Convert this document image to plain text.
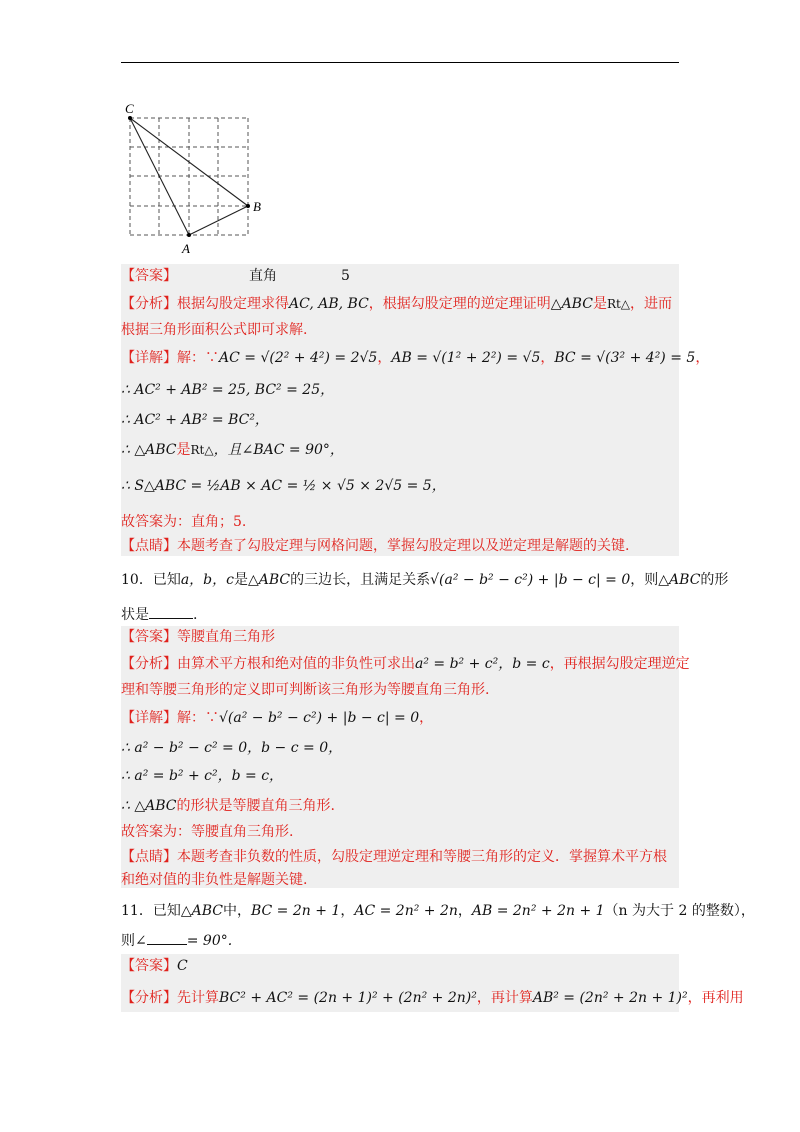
C
B
A
【答案】	直角	5
【分析】根据勾股定理求得AC, AB, BC，根据勾股定理的逆定理证明△ABC是Rt△，进而
根据三角形面积公式即可求解.
【详解】解：∵AC = √(2² + 4²) = 2√5，AB = √(1² + 2²) = √5，BC = √(3² + 4²) = 5，
∴ AC² + AB² = 25, BC² = 25，
∴ AC² + AB² = BC²，
∴ △ABC是Rt△，且∠BAC = 90°，
∴ S△ABC = ½AB × AC = ½ × √5 × 2√5 = 5，
故答案为：直角；5.
【点睛】本题考查了勾股定理与网格问题，掌握勾股定理以及逆定理是解题的关键.
10．已知a，b，c是△ABC的三边长，且满足关系√(a² − b² − c²) + |b − c| = 0，则△ABC的形
状是	.
【答案】等腰直角三角形
【分析】由算术平方根和绝对值的非负性可求出a² = b² + c²，b = c，再根据勾股定理逆定
理和等腰三角形的定义即可判断该三角形为等腰直角三角形.
【详解】解：∵√(a² − b² − c²) + |b − c| = 0，
∴ a² − b² − c² = 0，b − c = 0，
∴ a² = b² + c²，b = c，
∴ △ABC的形状是等腰直角三角形.
故答案为：等腰直角三角形.
【点睛】本题考查非负数的性质，勾股定理逆定理和等腰三角形的定义．掌握算术平方根
和绝对值的非负性是解题关键.
11．已知△ABC中，BC = 2n + 1，AC = 2n² + 2n，AB = 2n² + 2n + 1（n 为大于 2 的整数），
则∠	= 90°.
【答案】C
【分析】先计算BC² + AC² = (2n + 1)² + (2n² + 2n)²，再计算AB² = (2n² + 2n + 1)²，再利用
